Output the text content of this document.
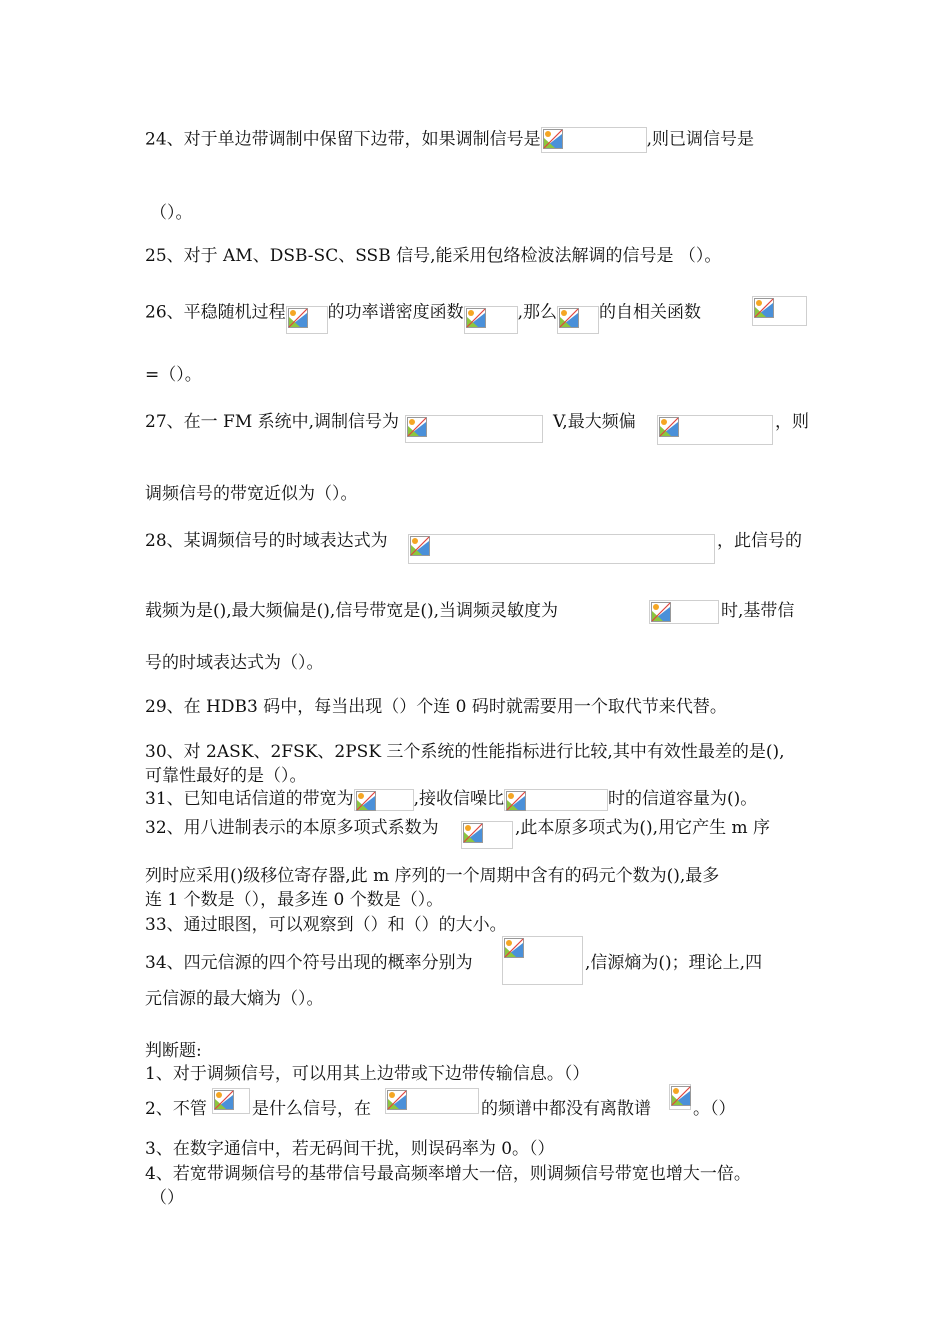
24、对于单边带调制中保留下边带，如果调制信号是	,则已调信号是
（）。
25、对于 AM、DSB-SC、SSB 信号,能采用包络检波法解调的信号是 （）。
26、平稳随机过程 的功率谱密度函数	,那么 的自相关函数
=（）。
27、在一 FM 系统中,调制信号为	V,最大频偏	，则
调频信号的带宽近似为（）。
28、某调频信号的时域表达式为	，此信号的
载频为是(),最大频偏是(),信号带宽是(),当调频灵敏度为	时,基带信
号的时域表达式为（）。
29、在 HDB3 码中，每当出现（）个连 0 码时就需要用一个取代节来代替。
30、对 2ASK、2FSK、2PSK 三个系统的性能指标进行比较,其中有效性最差的是(),
可靠性最好的是（）。
31、已知电话信道的带宽为	,接收信噪比	时的信道容量为()。
32、用八进制表示的本原多项式系数为	,此本原多项式为(),用它产生 m 序
列时应采用()级移位寄存器,此 m 序列的一个周期中含有的码元个数为(),最多
连 1 个数是（），最多连 0 个数是（）。
33、通过眼图，可以观察到（）和（）的大小。
34、四元信源的四个符号出现的概率分别为	,信源熵为()；理论上,四
元信源的最大熵为（）。
判断题:
1、对于调频信号，可以用其上边带或下边带传输信息。（）
2、不管	是什么信号，在	的频谱中都没有离散谱 。（）
3、在数字通信中，若无码间干扰，则误码率为 0。（）
4、若宽带调频信号的基带信号最高频率增大一倍，则调频信号带宽也增大一倍。
（）
